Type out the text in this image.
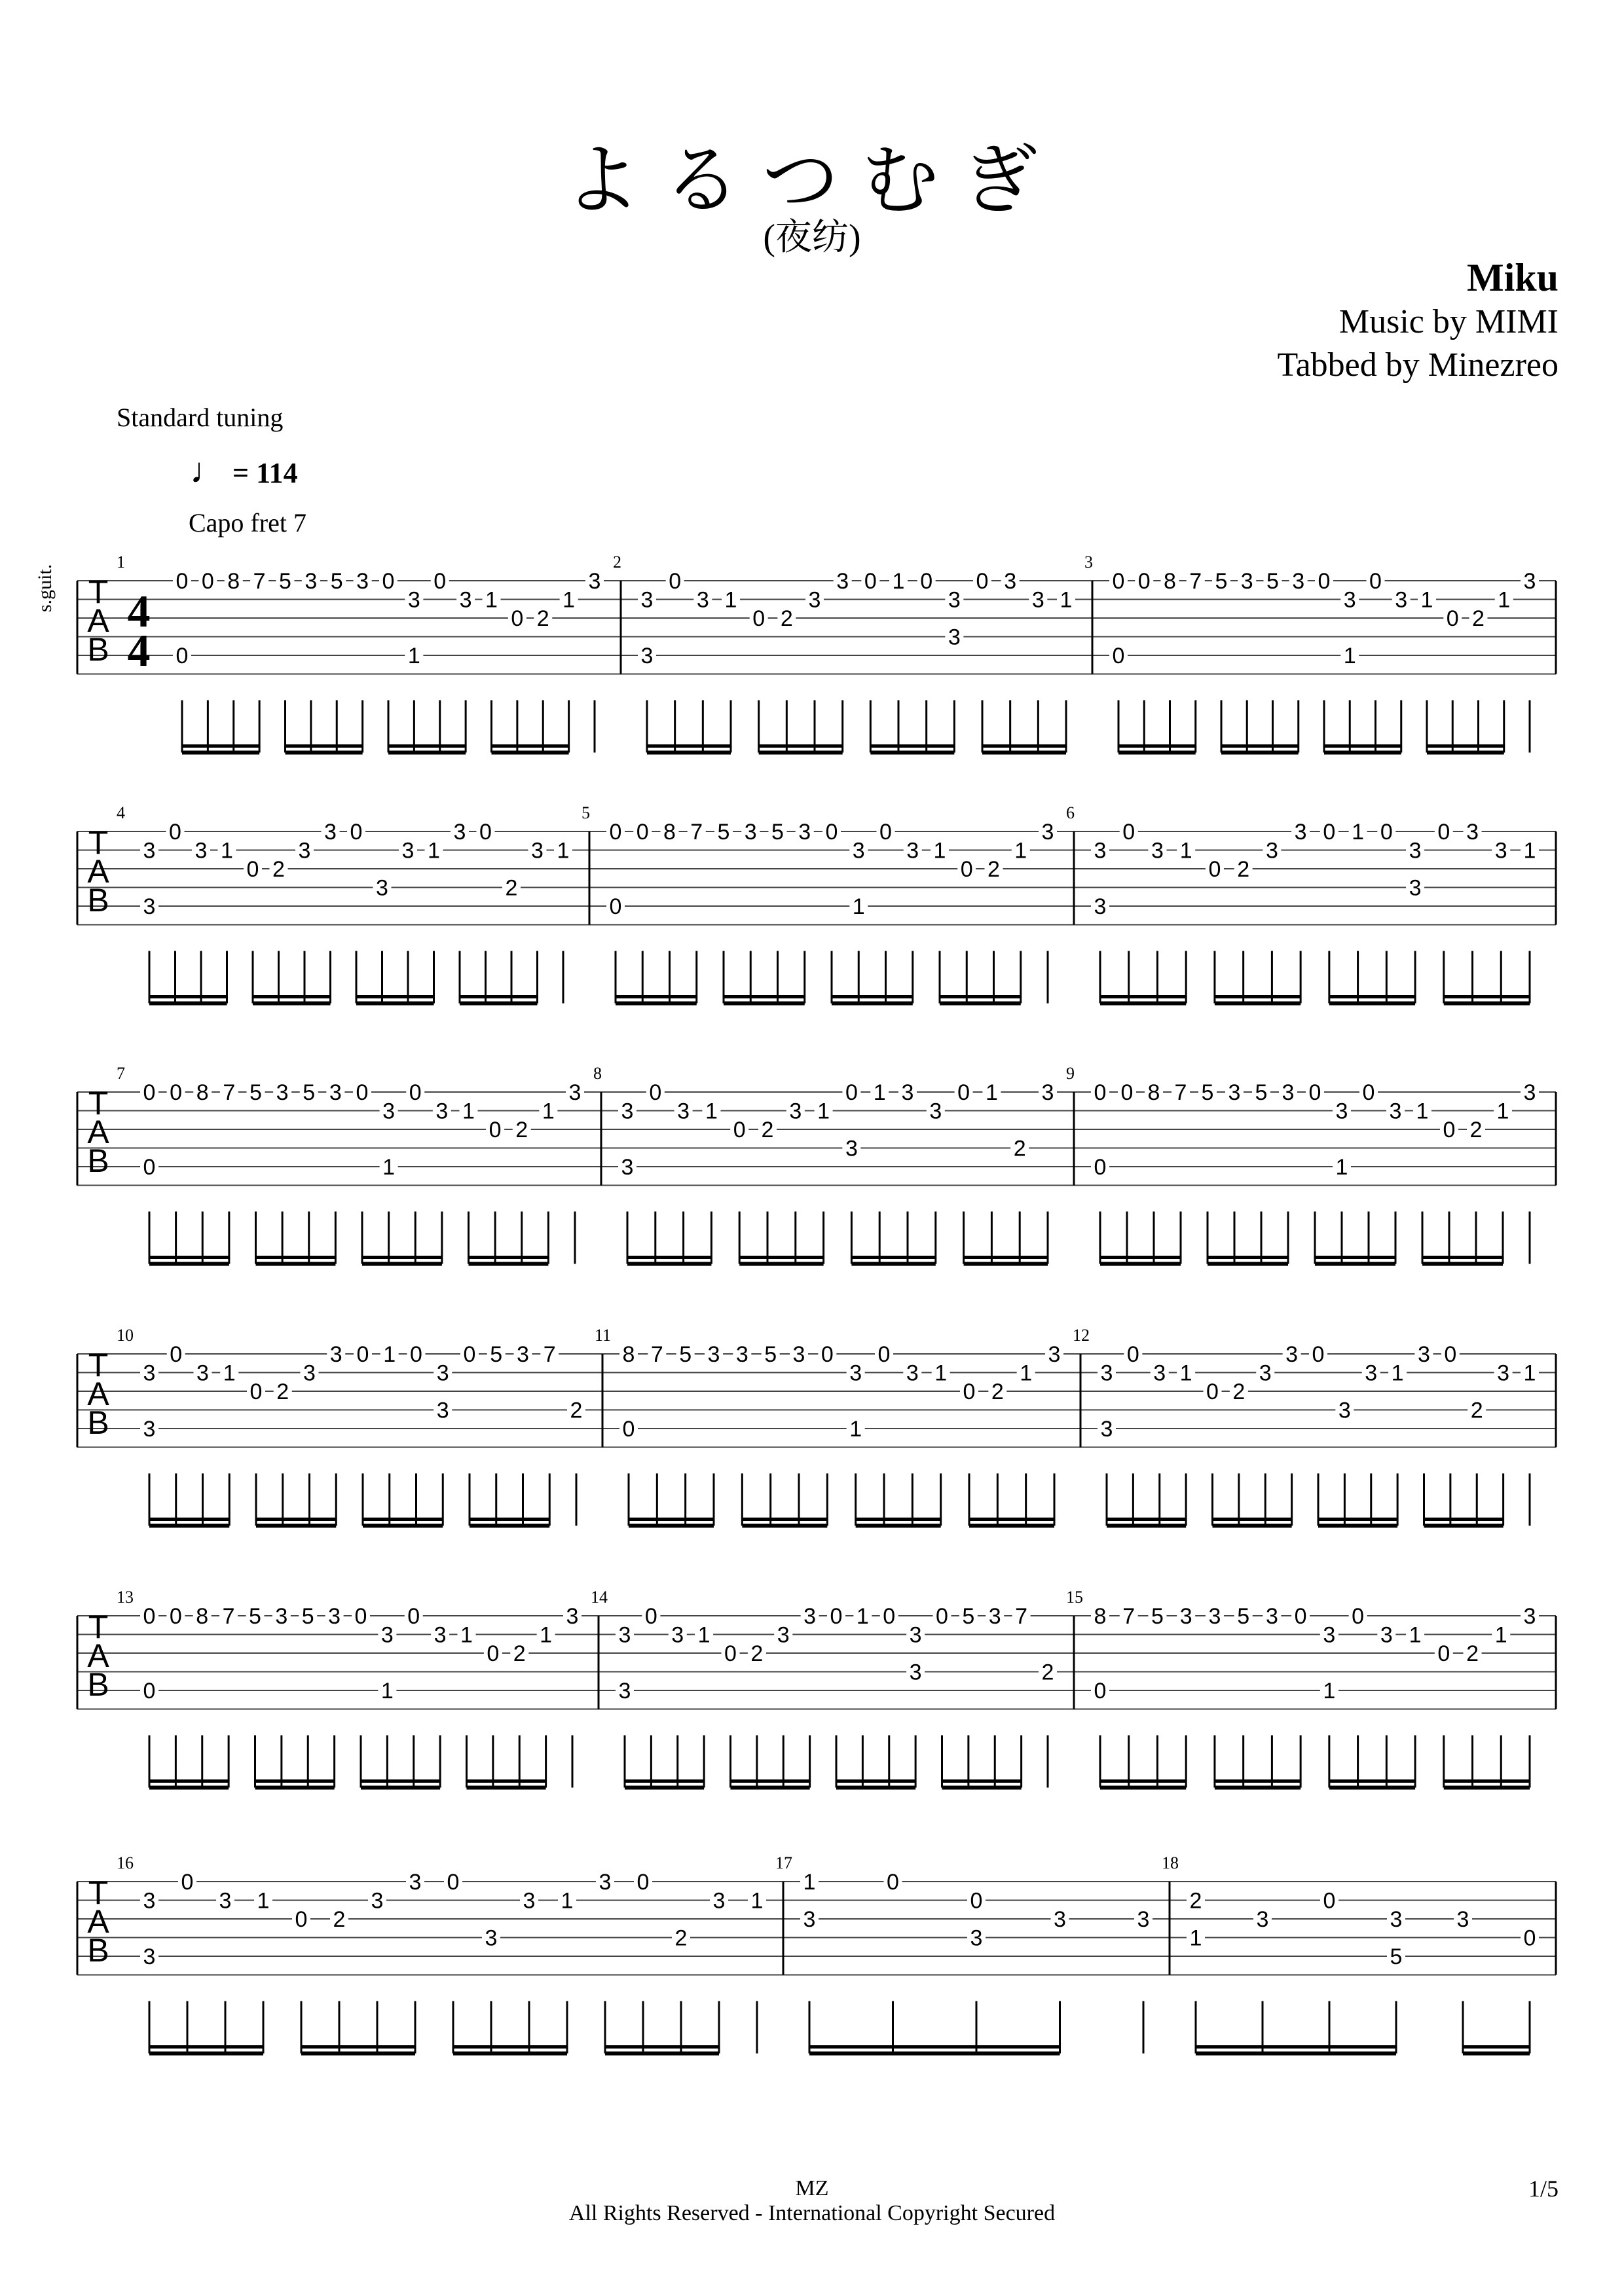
よるつむぎ
(夜纺)
Miku
Music by MIMI
Tabbed by Minezreo
Standard tuning
♩ = 114
Capo fret 7
s.guit. T
A
B
4
4
1
0
0
0 8 7 5 3 5 3 0
3
1
0
3 1
0 2
1
3
2
3
3
0
3 1
0 2
3
3 0 1 0
3
3
0 3
3 1
3
0
0
0 8 7 5 3 5 3 0
3
1
0
3 1
0 2
1
3
T
A
B
4
3
3
0
3 1
0 2
3
3 0
3
3 1
3 0
2
3 1
5
0
0
0 8 7 5 3 5 3 0
3
1
0
3 1
0 2
1
3
6
3
3
0
3 1
0 2
3
3 0 1 0
3
3
0 3
3 1
T
A
B
7
0
0
0 8 7 5 3 5 3 0
3
1
0
3 1
0 2
1
3
8
3
3
0
3 1
0 2
3 1
0
3
1 3
3
0 1
2
3
9
0
0
0 8 7 5 3 5 3 0
3
1
0
3 1
0 2
1
3
T
A
B
10
3
3
0
3 1
0 2
3
3 0 1 0
3
3
0 5 3 7
2
11
8
0
7 5 3 3 5 3 0
3
1
0
3 1
0 2
1
3
12
3
3
0
3 1
0 2
3
3 0
3
3 1
3 0
2
3 1
T
A
B
13
0
0
0 8 7 5 3 5 3 0
3
1
0
3 1
0 2
1
3
14
3
3
0
3 1
0 2
3
3 0 1 0
3
3
0 5 3 7
2
15
8
0
7 5 3 3 5 3 0
3
1
0
3 1
0 2
1
3
T
A
B
16
3
3
0
3 1
0 2
3
3 0
3
3 1
3 0
2
3 1
17
1
3
0
0
3
3	3
18
2
1
3
0
3
5
3
0
MZ
All Rights Reserved - International Copyright Secured
1/5
